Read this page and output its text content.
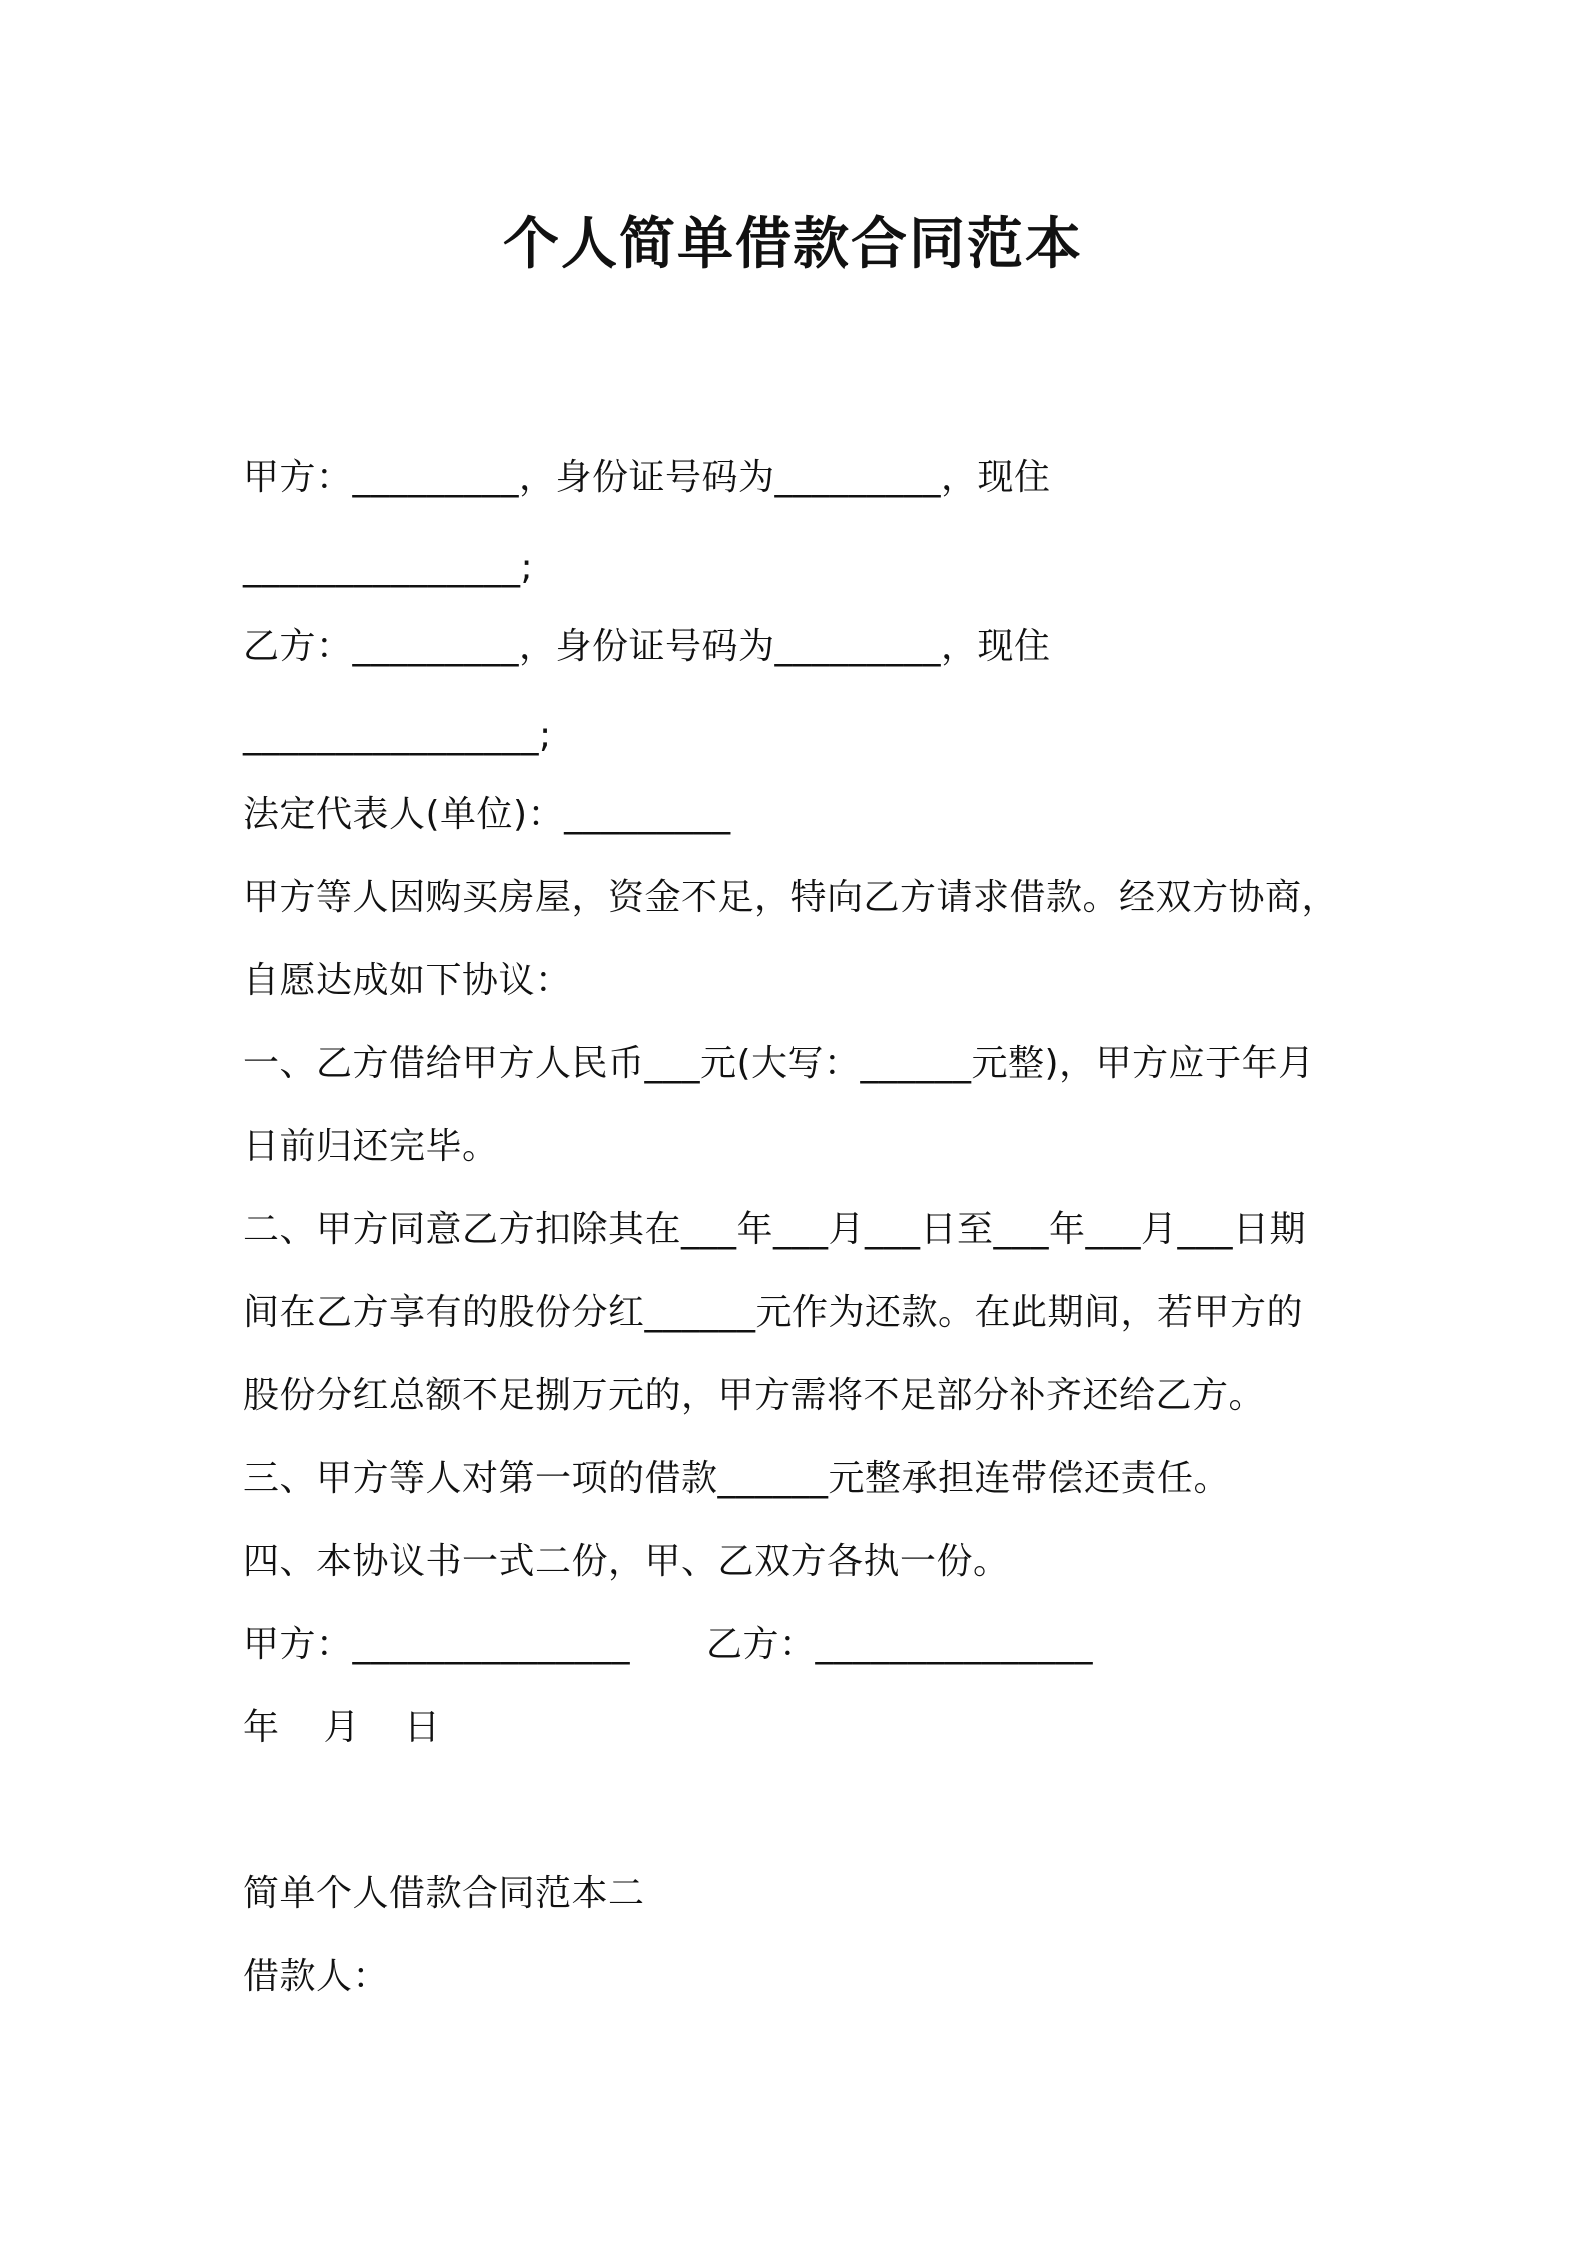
个人简单借款合同范本
甲方：_________，身份证号码为_________，现住
_______________;
乙方：_________，身份证号码为_________，现住
________________;
法定代表人(单位)：_________
甲方等人因购买房屋，资金不足，特向乙方请求借款。经双方协商，
自愿达成如下协议：
一、乙方借给甲方人民币___元(大写：______元整)，甲方应于年月
日前归还完毕。
二、甲方同意乙方扣除其在___年___月___日至___年___月___日期
间在乙方享有的股份分红______元作为还款。在此期间，若甲方的
股份分红总额不足捌万元的，甲方需将不足部分补齐还给乙方。
三、甲方等人对第一项的借款______元整承担连带偿还责任。
四、本协议书一式二份，甲、乙双方各执一份。
甲方：_______________ 乙方：_______________
年 月 日
简单个人借款合同范本二
借款人：
